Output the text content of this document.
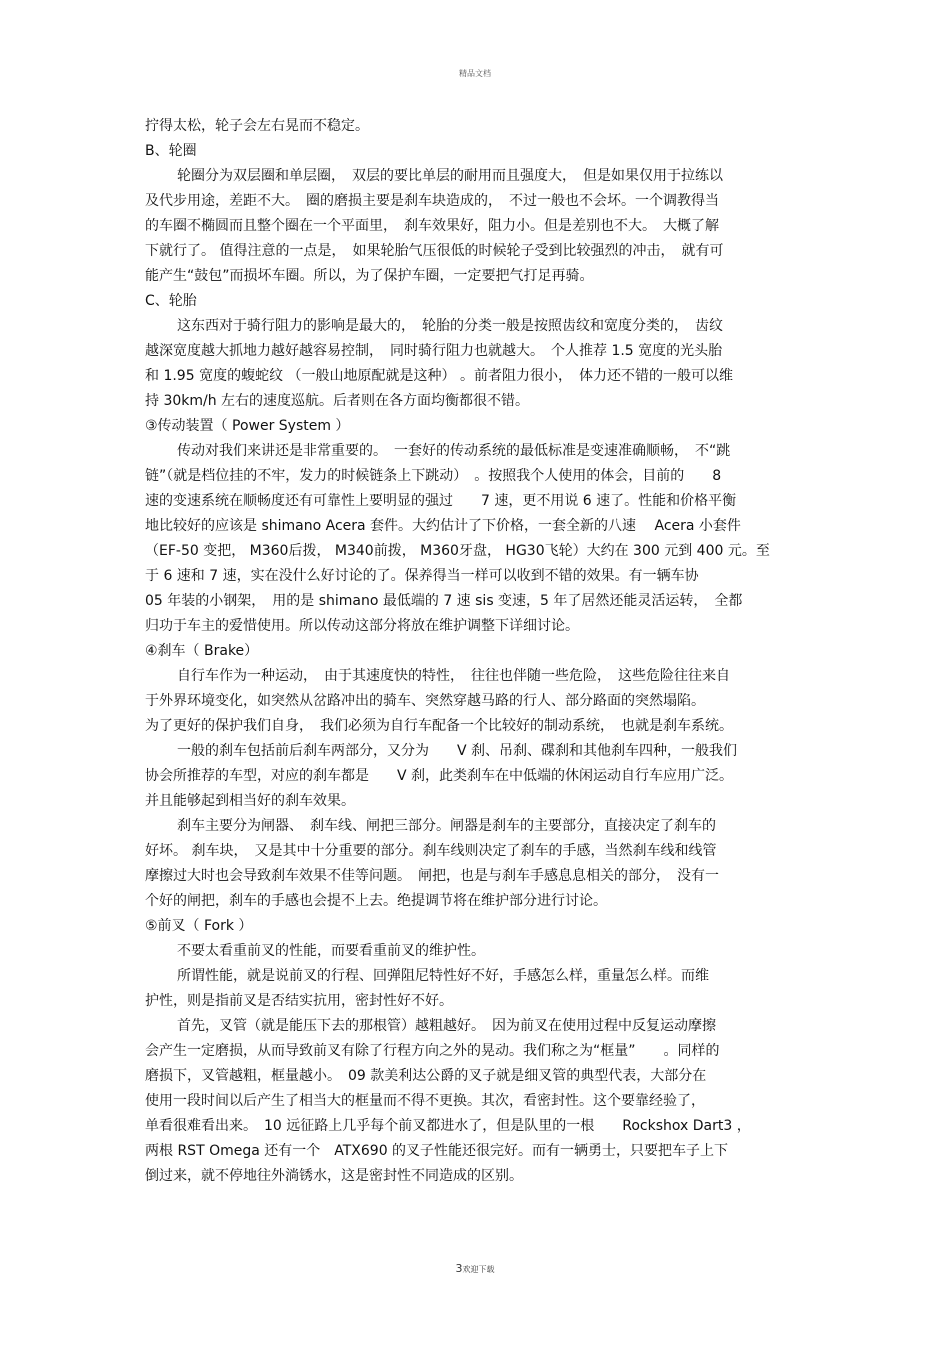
精品文档
拧得太松，轮子会左右晃而不稳定。
B、轮圈
轮圈分为双层圈和单层圈，　双层的要比单层的耐用而且强度大，　但是如果仅用于拉练以
及代步用途，差距不大。　圈的磨损主要是刹车块造成的，　不过一般也不会坏。一个调教得当
的车圈不椭圆而且整个圈在一个平面里，　刹车效果好，阻力小。但是差别也不大。　大概了解
下就行了。 值得注意的一点是，　如果轮胎气压很低的时候轮子受到比较强烈的冲击，　就有可
能产生“鼓包”而损坏车圈。所以，为了保护车圈，一定要把气打足再骑。
C、轮胎
这东西对于骑行阻力的影响是最大的，　轮胎的分类一般是按照齿纹和宽度分类的，　齿纹
越深宽度越大抓地力越好越容易控制，　同时骑行阻力也就越大。　个人推荐 1.5 宽度的光头胎
和 1.95 宽度的蝮蛇纹 （一般山地原配就是这种） 。前者阻力很小，　体力还不错的一般可以维
持 30km/h 左右的速度巡航。后者则在各方面均衡都很不错。
③传动装置（ Power System ）
传动对我们来讲还是非常重要的。　一套好的传动系统的最低标准是变速准确顺畅，　不“跳
链”（就是档位挂的不牢，发力的时候链条上下跳动）　。按照我个人使用的体会，目前的　　8
速的变速系统在顺畅度还有可靠性上要明显的强过　　7 速，更不用说 6 速了。性能和价格平衡
地比较好的应该是 shimano Acera 套件。大约估计了下价格，一套全新的八速　 Acera 小套件
（EF-50 变把， M360后拨， M340前拨， M360牙盘， HG30飞轮）大约在 300 元到 400 元。至
于 6 速和 7 速，实在没什么好讨论的了。保养得当一样可以收到不错的效果。有一辆车协
05 年装的小钢架，　用的是 shimano 最低端的 7 速 sis 变速，5 年了居然还能灵活运转，　全都
归功于车主的爱惜使用。所以传动这部分将放在维护调整下详细讨论。
④刹车（ Brake）
自行车作为一种运动，　由于其速度快的特性，　往往也伴随一些危险，　这些危险往往来自
于外界环境变化，如突然从岔路冲出的骑车、突然穿越马路的行人、部分路面的突然塌陷。
为了更好的保护我们自身，　我们必须为自行车配备一个比较好的制动系统，　也就是刹车系统。
一般的刹车包括前后刹车两部分，又分为　　V 刹、吊刹、碟刹和其他刹车四种，一般我们
协会所推荐的车型，对应的刹车都是　　V 刹，此类刹车在中低端的休闲运动自行车应用广泛。
并且能够起到相当好的刹车效果。
刹车主要分为闸器、　刹车线、闸把三部分。闸器是刹车的主要部分，直接决定了刹车的
好坏。 刹车块，　又是其中十分重要的部分。刹车线则决定了刹车的手感，当然刹车线和线管
摩擦过大时也会导致刹车效果不佳等问题。　闸把，也是与刹车手感息息相关的部分，　没有一
个好的闸把，刹车的手感也会提不上去。绝提调节将在维护部分进行讨论。
⑤前叉（ Fork ）
不要太看重前叉的性能，而要看重前叉的维护性。
所谓性能，就是说前叉的行程、回弹阻尼特性好不好，手感怎么样，重量怎么样。而维
护性，则是指前叉是否结实抗用，密封性好不好。
首先，叉管（就是能压下去的那根管）越粗越好。　因为前叉在使用过程中反复运动摩擦
会产生一定磨损，从而导致前叉有除了行程方向之外的晃动。我们称之为“框量”　　。同样的
磨损下，叉管越粗，框量越小。　09 款美利达公爵的叉子就是细叉管的典型代表，大部分在
使用一段时间以后产生了相当大的框量而不得不更换。其次，看密封性。这个要靠经验了，
单看很难看出来。　10 远征路上几乎每个前叉都进水了，但是队里的一根　　Rockshox Dart3 ，
两根 RST Omega 还有一个　ATX690 的叉子性能还很完好。而有一辆勇士，只要把车子上下
倒过来，就不停地往外淌锈水，这是密封性不同造成的区别。
3欢迎下载
